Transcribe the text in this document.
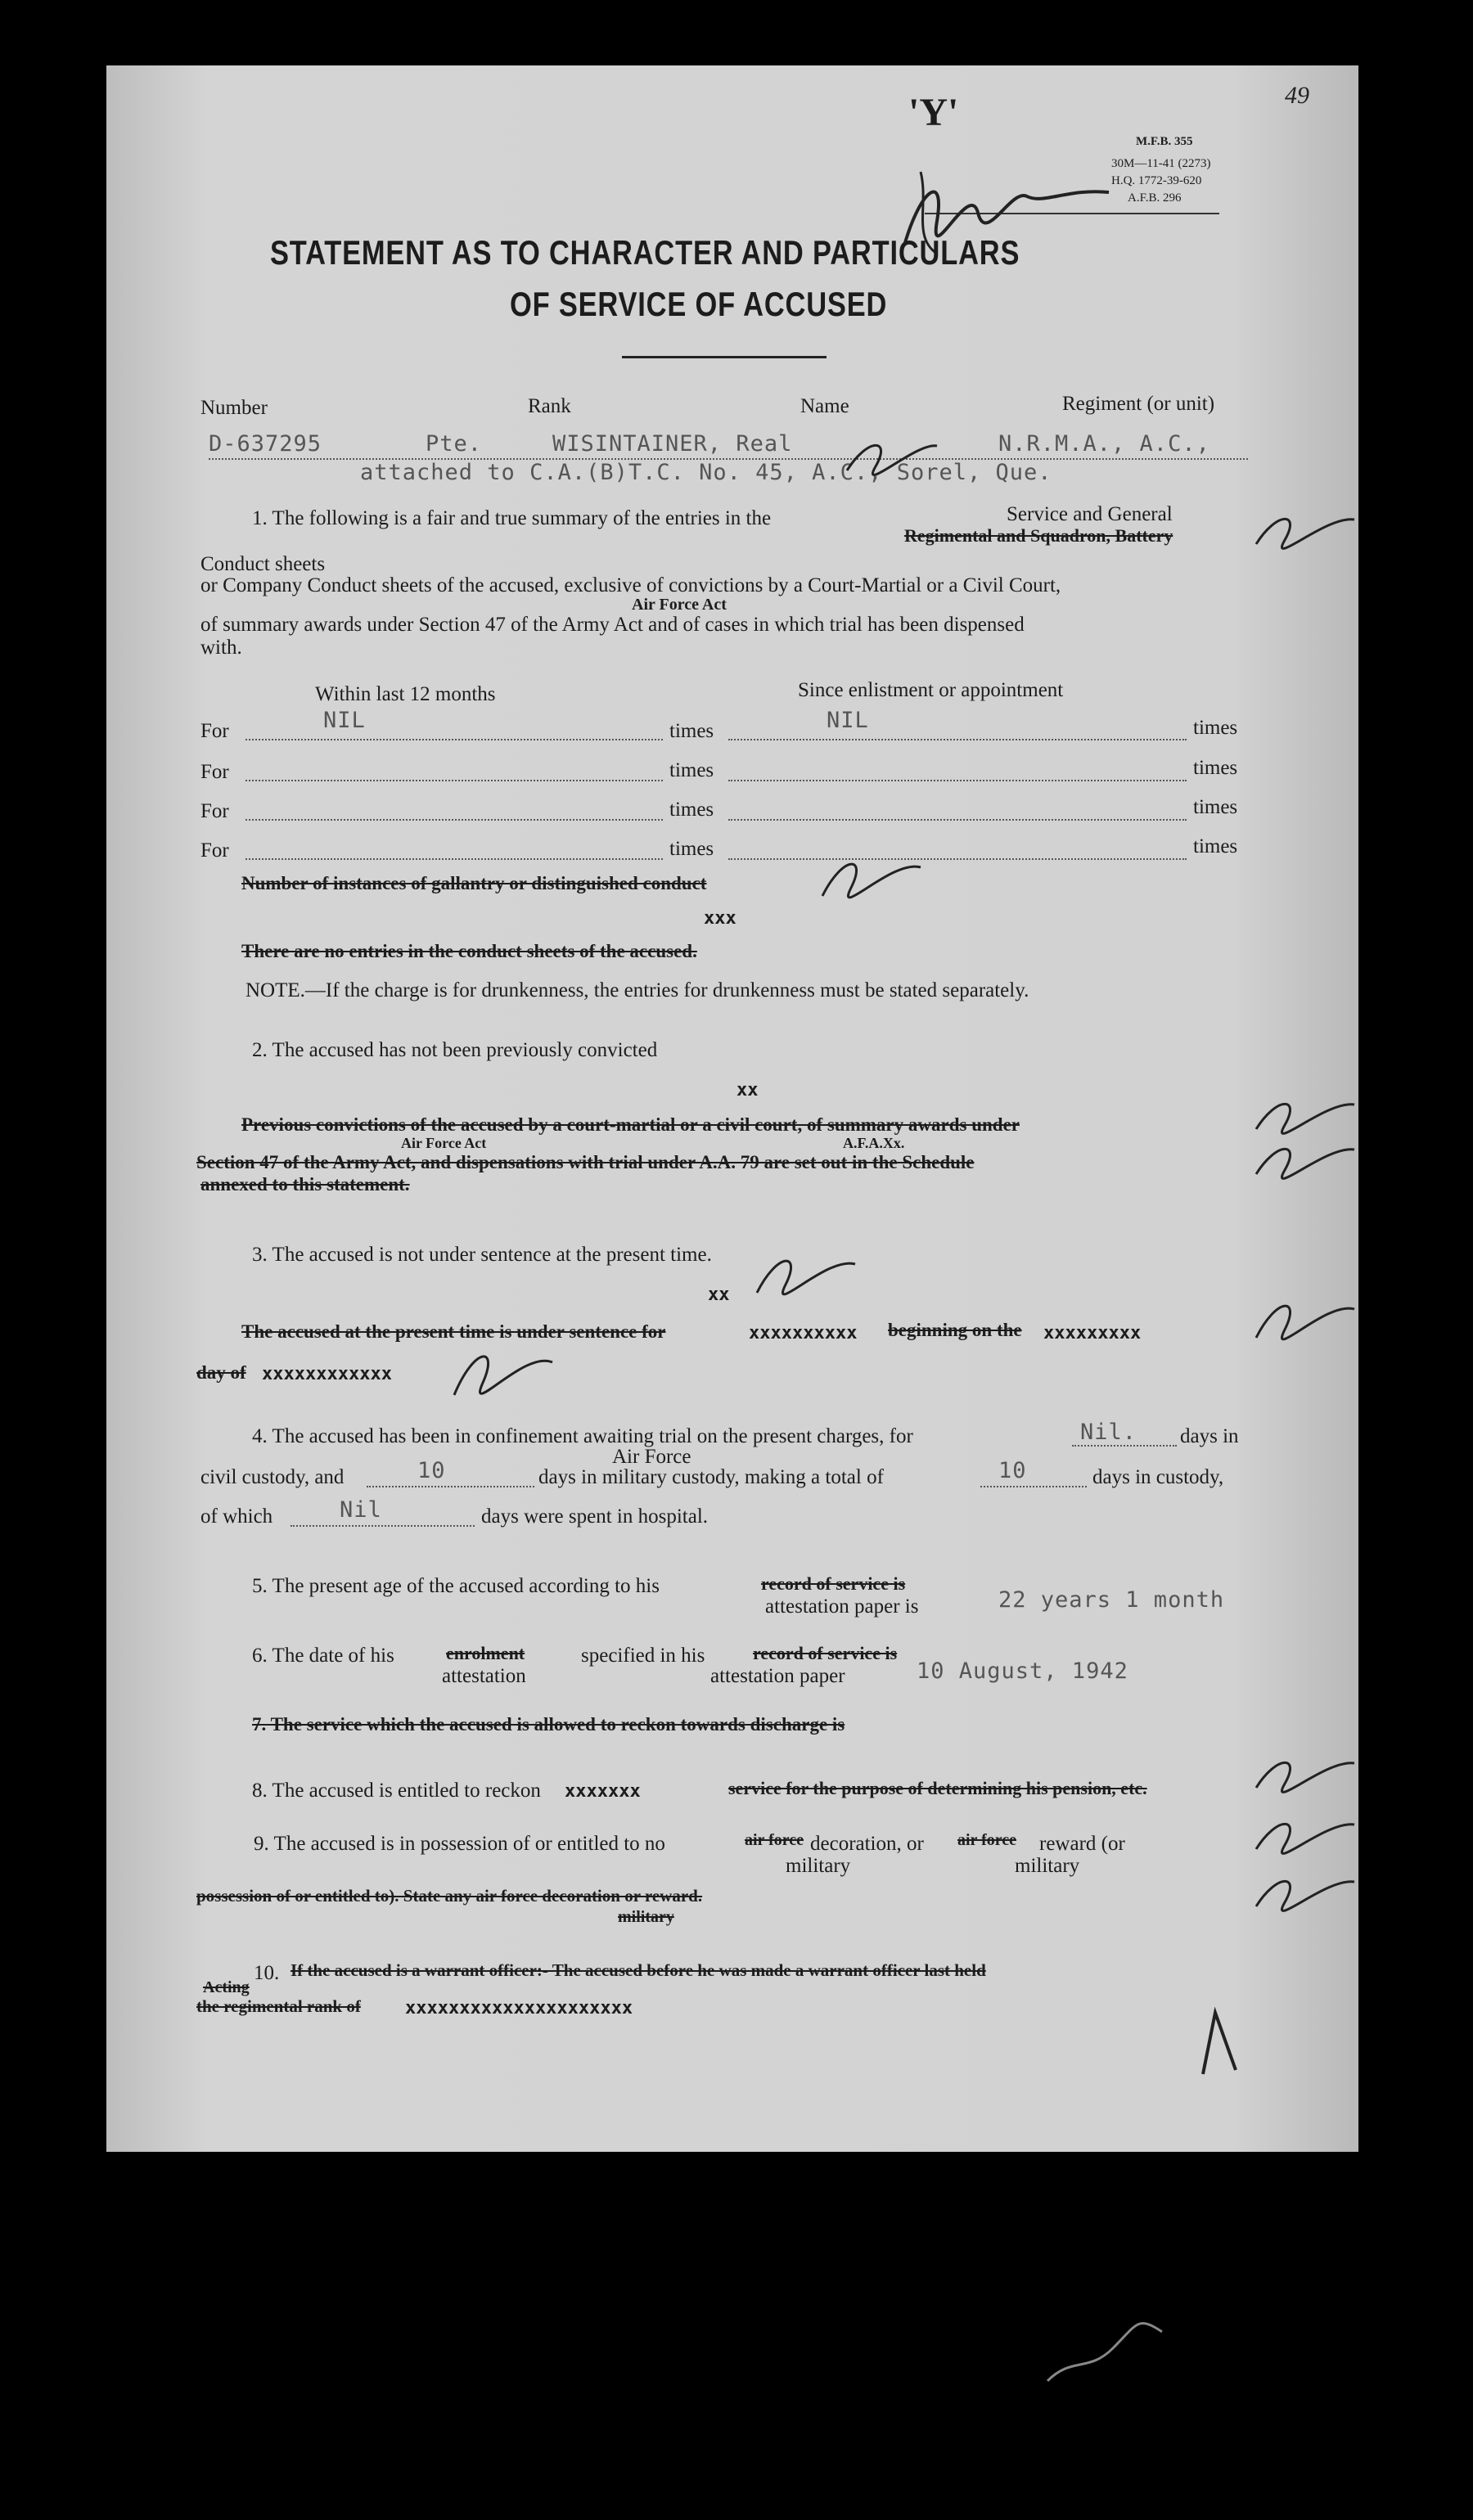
49
'Y'
M.F.B. 355
30M—11-41 (2273)
H.Q. 1772-39-620
A.F.B. 296
STATEMENT AS TO CHARACTER AND PARTICULARS
OF SERVICE OF ACCUSED
Number	Rank	Name	Regiment (or unit)
D-637295	Pte.	WISINTAINER, Real	N.R.M.A., A.C.,
attached to C.A.(B)T.C. No. 45, A.C., Sorel, Que.
Service and General
1. The following is a fair and true summary of the entries in the
Regimental and Squadron, Battery
Conduct sheets
or Company Conduct sheets of the accused, exclusive of convictions by a Court-Martial or a Civil Court,
Air Force Act
of summary awards under Section 47 of the Army Act and of cases in which trial has been dispensed
with.
Within last 12 months	Since enlistment or appointment
NIL	NIL
For	times	times
For	times	times
For	times	times
For	times	times
Number of instances of gallantry or distinguished conduct
xxx
There are no entries in the conduct sheets of the accused.
NOTE.—If the charge is for drunkenness, the entries for drunkenness must be stated separately.
2. The accused has not been previously convicted
xx
Previous convictions of the accused by a court-martial or a civil court, of summary awards under
Air Force Act	A.F.A.Xx.
Section 47 of the Army Act, and dispensations with trial under A.A. 79 are set out in the Schedule
annexed to this statement.
3. The accused is not under sentence at the present time.
xx
The accused at the present time is under sentence for	xxxxxxxxxx beginning on the xxxxxxxxx
day of xxxxxxxxxxxx
4. The accused has been in confinement awaiting trial on the present charges, for	Nil. days in
Air Force
civil custody, and	10	days in military custody, making a total of	10	days in custody,
of which	Nil	days were spent in hospital.
5. The present age of the accused according to his	record of service is
attestation paper is	22 years 1 month
6. The date of his	enrolment
attestation
specified in his	record of service is
attestation paper	10 August, 1942
7. The service which the accused is allowed to reckon towards discharge is
8. The accused is entitled to reckon xxxxxxx	service for the purpose of determining his pension, etc.
9. The accused is in possession of or entitled to no	air force decoration, or air force reward (or
military	military
possession of or entitled to). State any air force decoration or reward.
military
10. If the accused is a warrant officer:- The accused before he was made a warrant officer last held
Acting
the regimental rank of xxxxxxxxxxxxxxxxxxxxx
